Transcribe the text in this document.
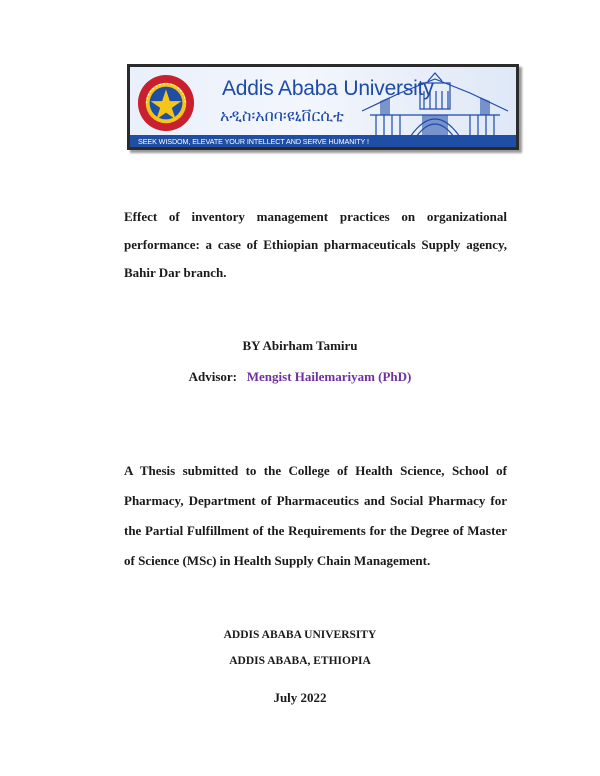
Addis Ababa University
አዲስ፡አበባ፡ዩኒቨርሲቲ
SEEK WISDOM, ELEVATE YOUR INTELLECT AND SERVE HUMANITY !
Effect of inventory management practices on organizational
performance: a case of Ethiopian pharmaceuticals Supply agency,
Bahir Dar branch.
BY Abirham Tamiru
Advisor:   Mengist Hailemariyam (PhD)

A Thesis submitted to the College of Health Science, School of

Pharmacy, Department of Pharmaceutics and Social Pharmacy for

the Partial Fulfillment of the Requirements for the Degree of Master

of Science (MSc) in Health Supply Chain Management.

ADDIS ABABA UNIVERSITY
ADDIS ABABA, ETHIOPIA
July 2022
